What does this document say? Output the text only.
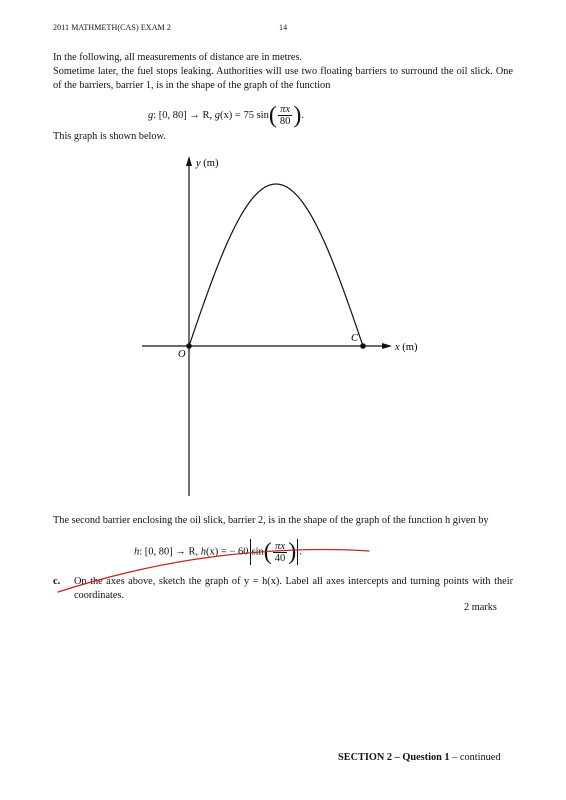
2011 MATHMETH(CAS) EXAM 2	14
In the following, all measurements of distance are in metres.
Sometime later, the fuel stops leaking. Authorities will use two floating barriers to surround the oil slick. One of the barriers, barrier 1, is in the shape of the graph of the function
g: [0, 80] → R, g(x) = 75 $\sin( \frac{\pi x}{80}$ ).
This graph is shown below.
y (m)
x (m)
O
C
The second barrier enclosing the oil slick, barrier 2, is in the shape of the graph of the function h given by
h: [0, 80] → R, h(x) = − 60 $\sin( \frac{\pi x}{40}$ ) .
c.	On the axes above, sketch the graph of y = h(x). Label all axes intercepts and turning points with their coordinates.
2 marks
SECTION 2 – Question 1 – continued
